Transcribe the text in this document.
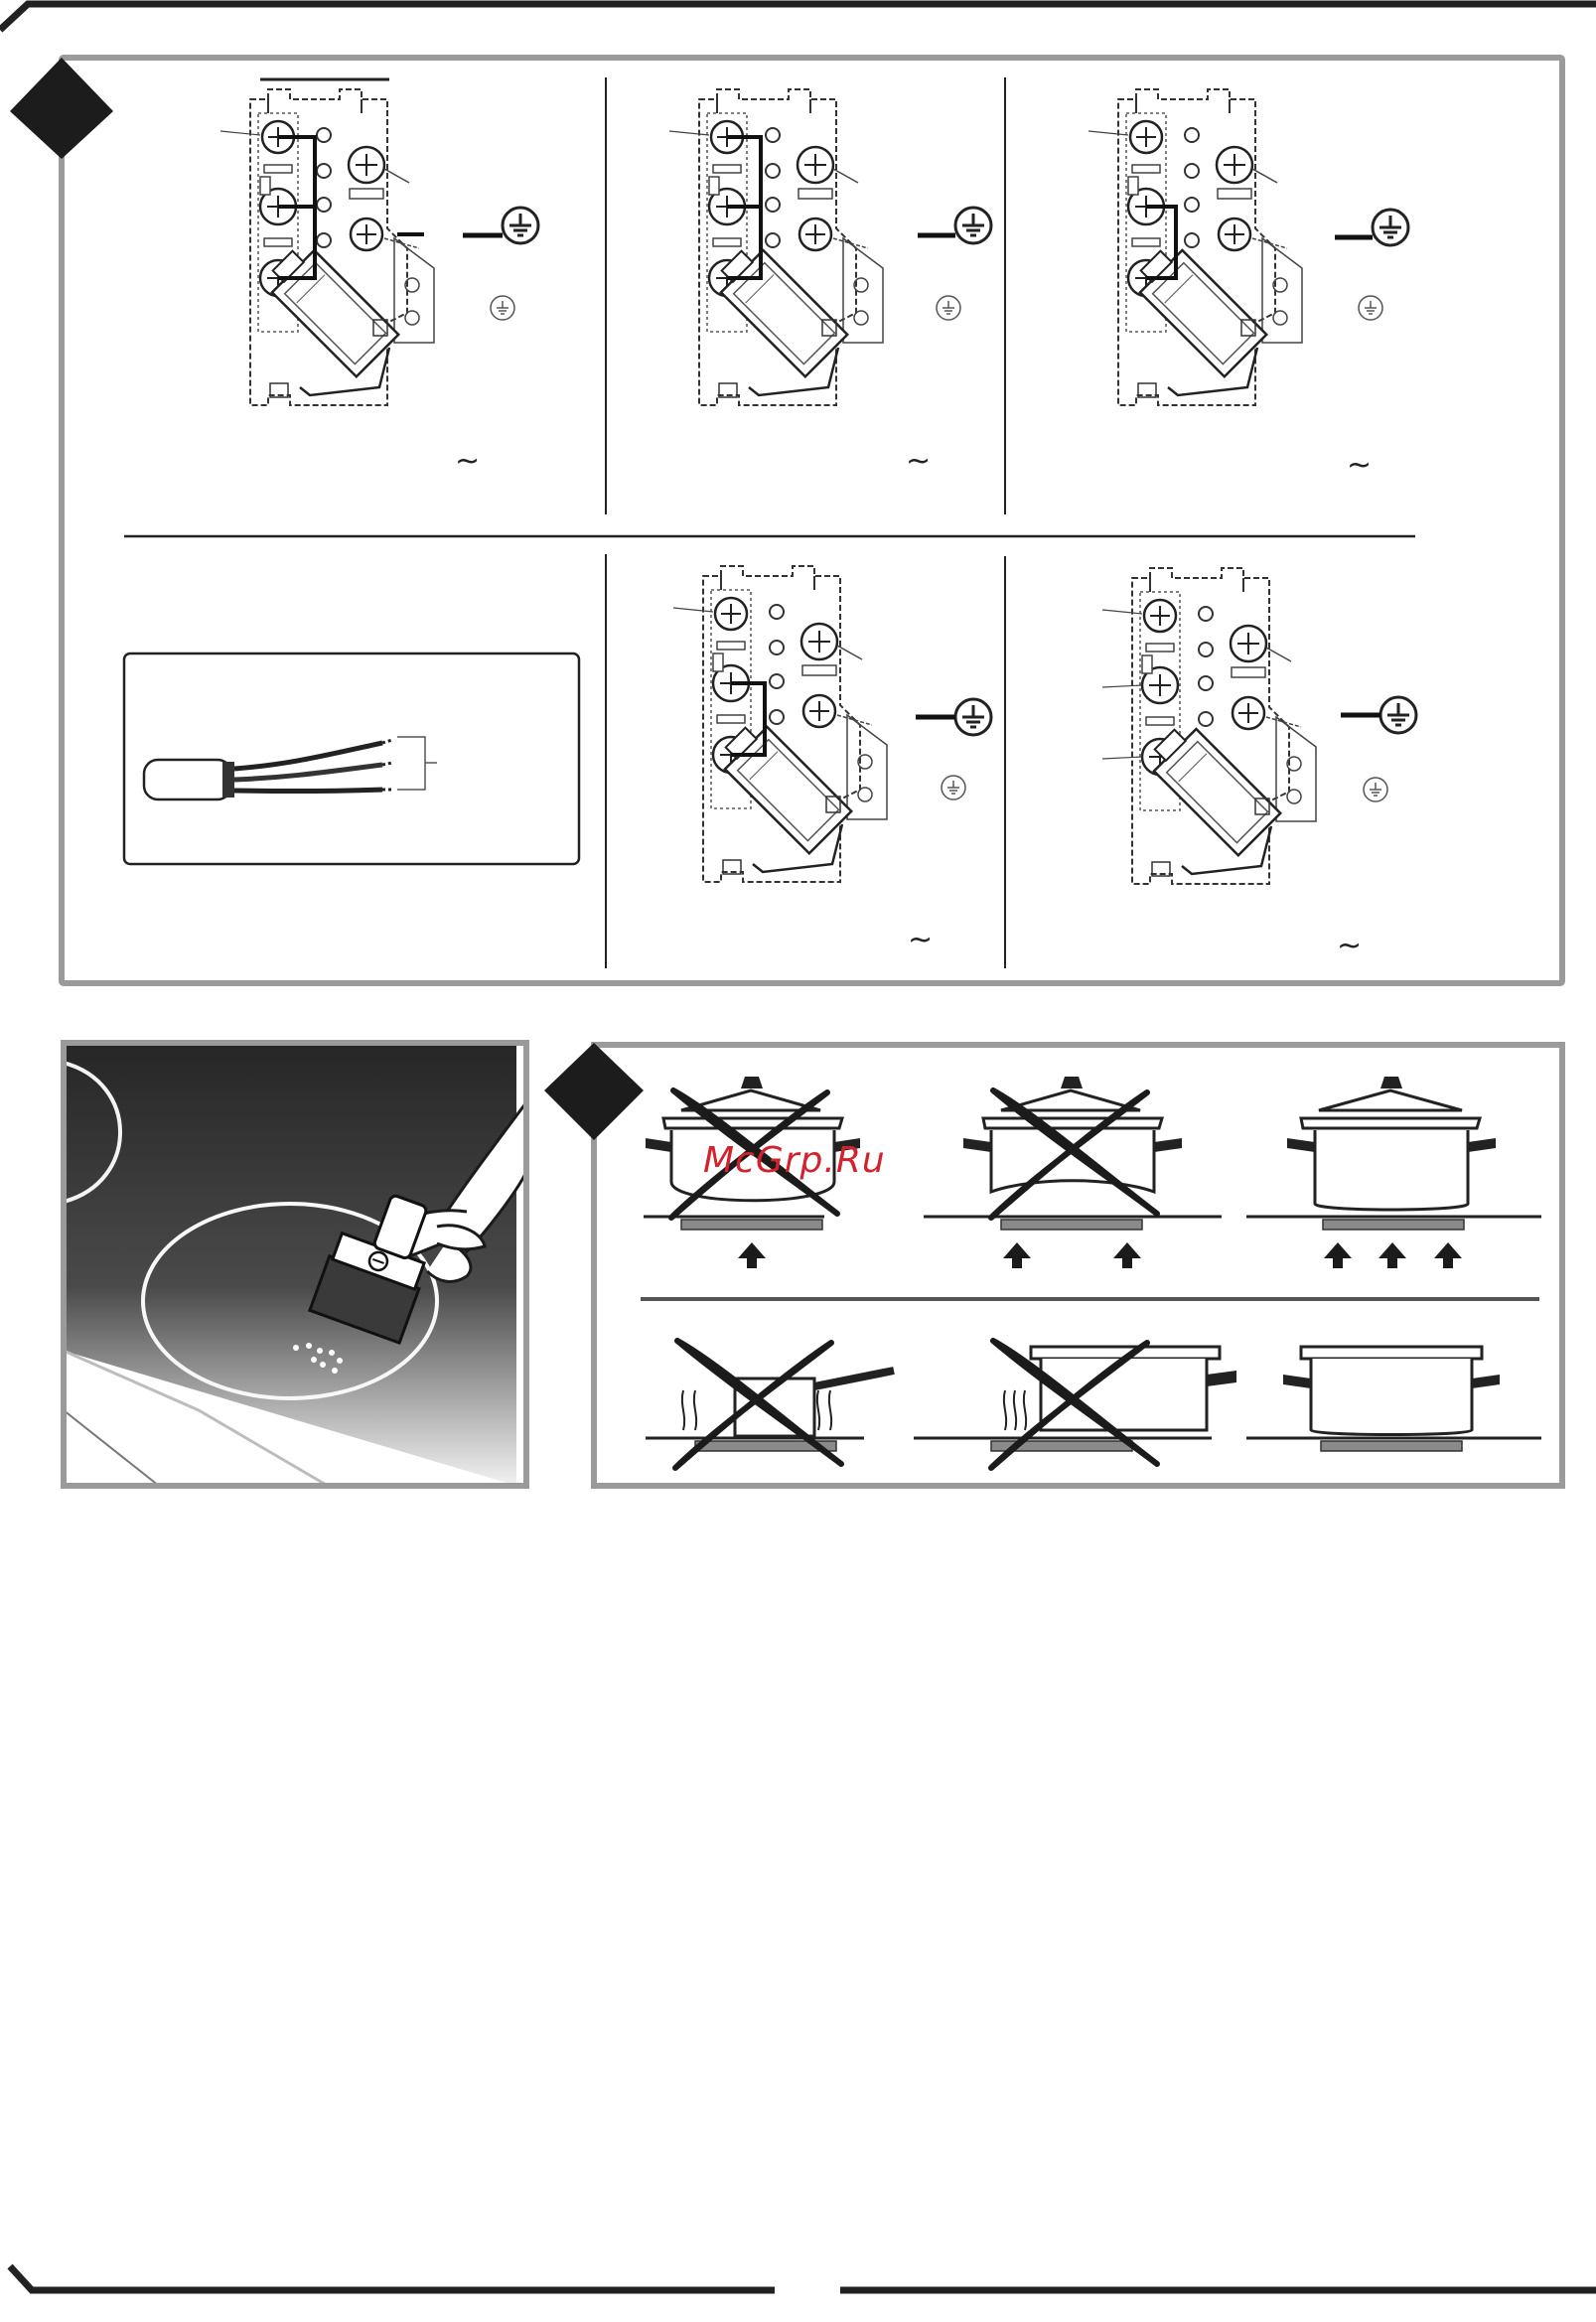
~	~	~
~	~
McGrp.Ru
